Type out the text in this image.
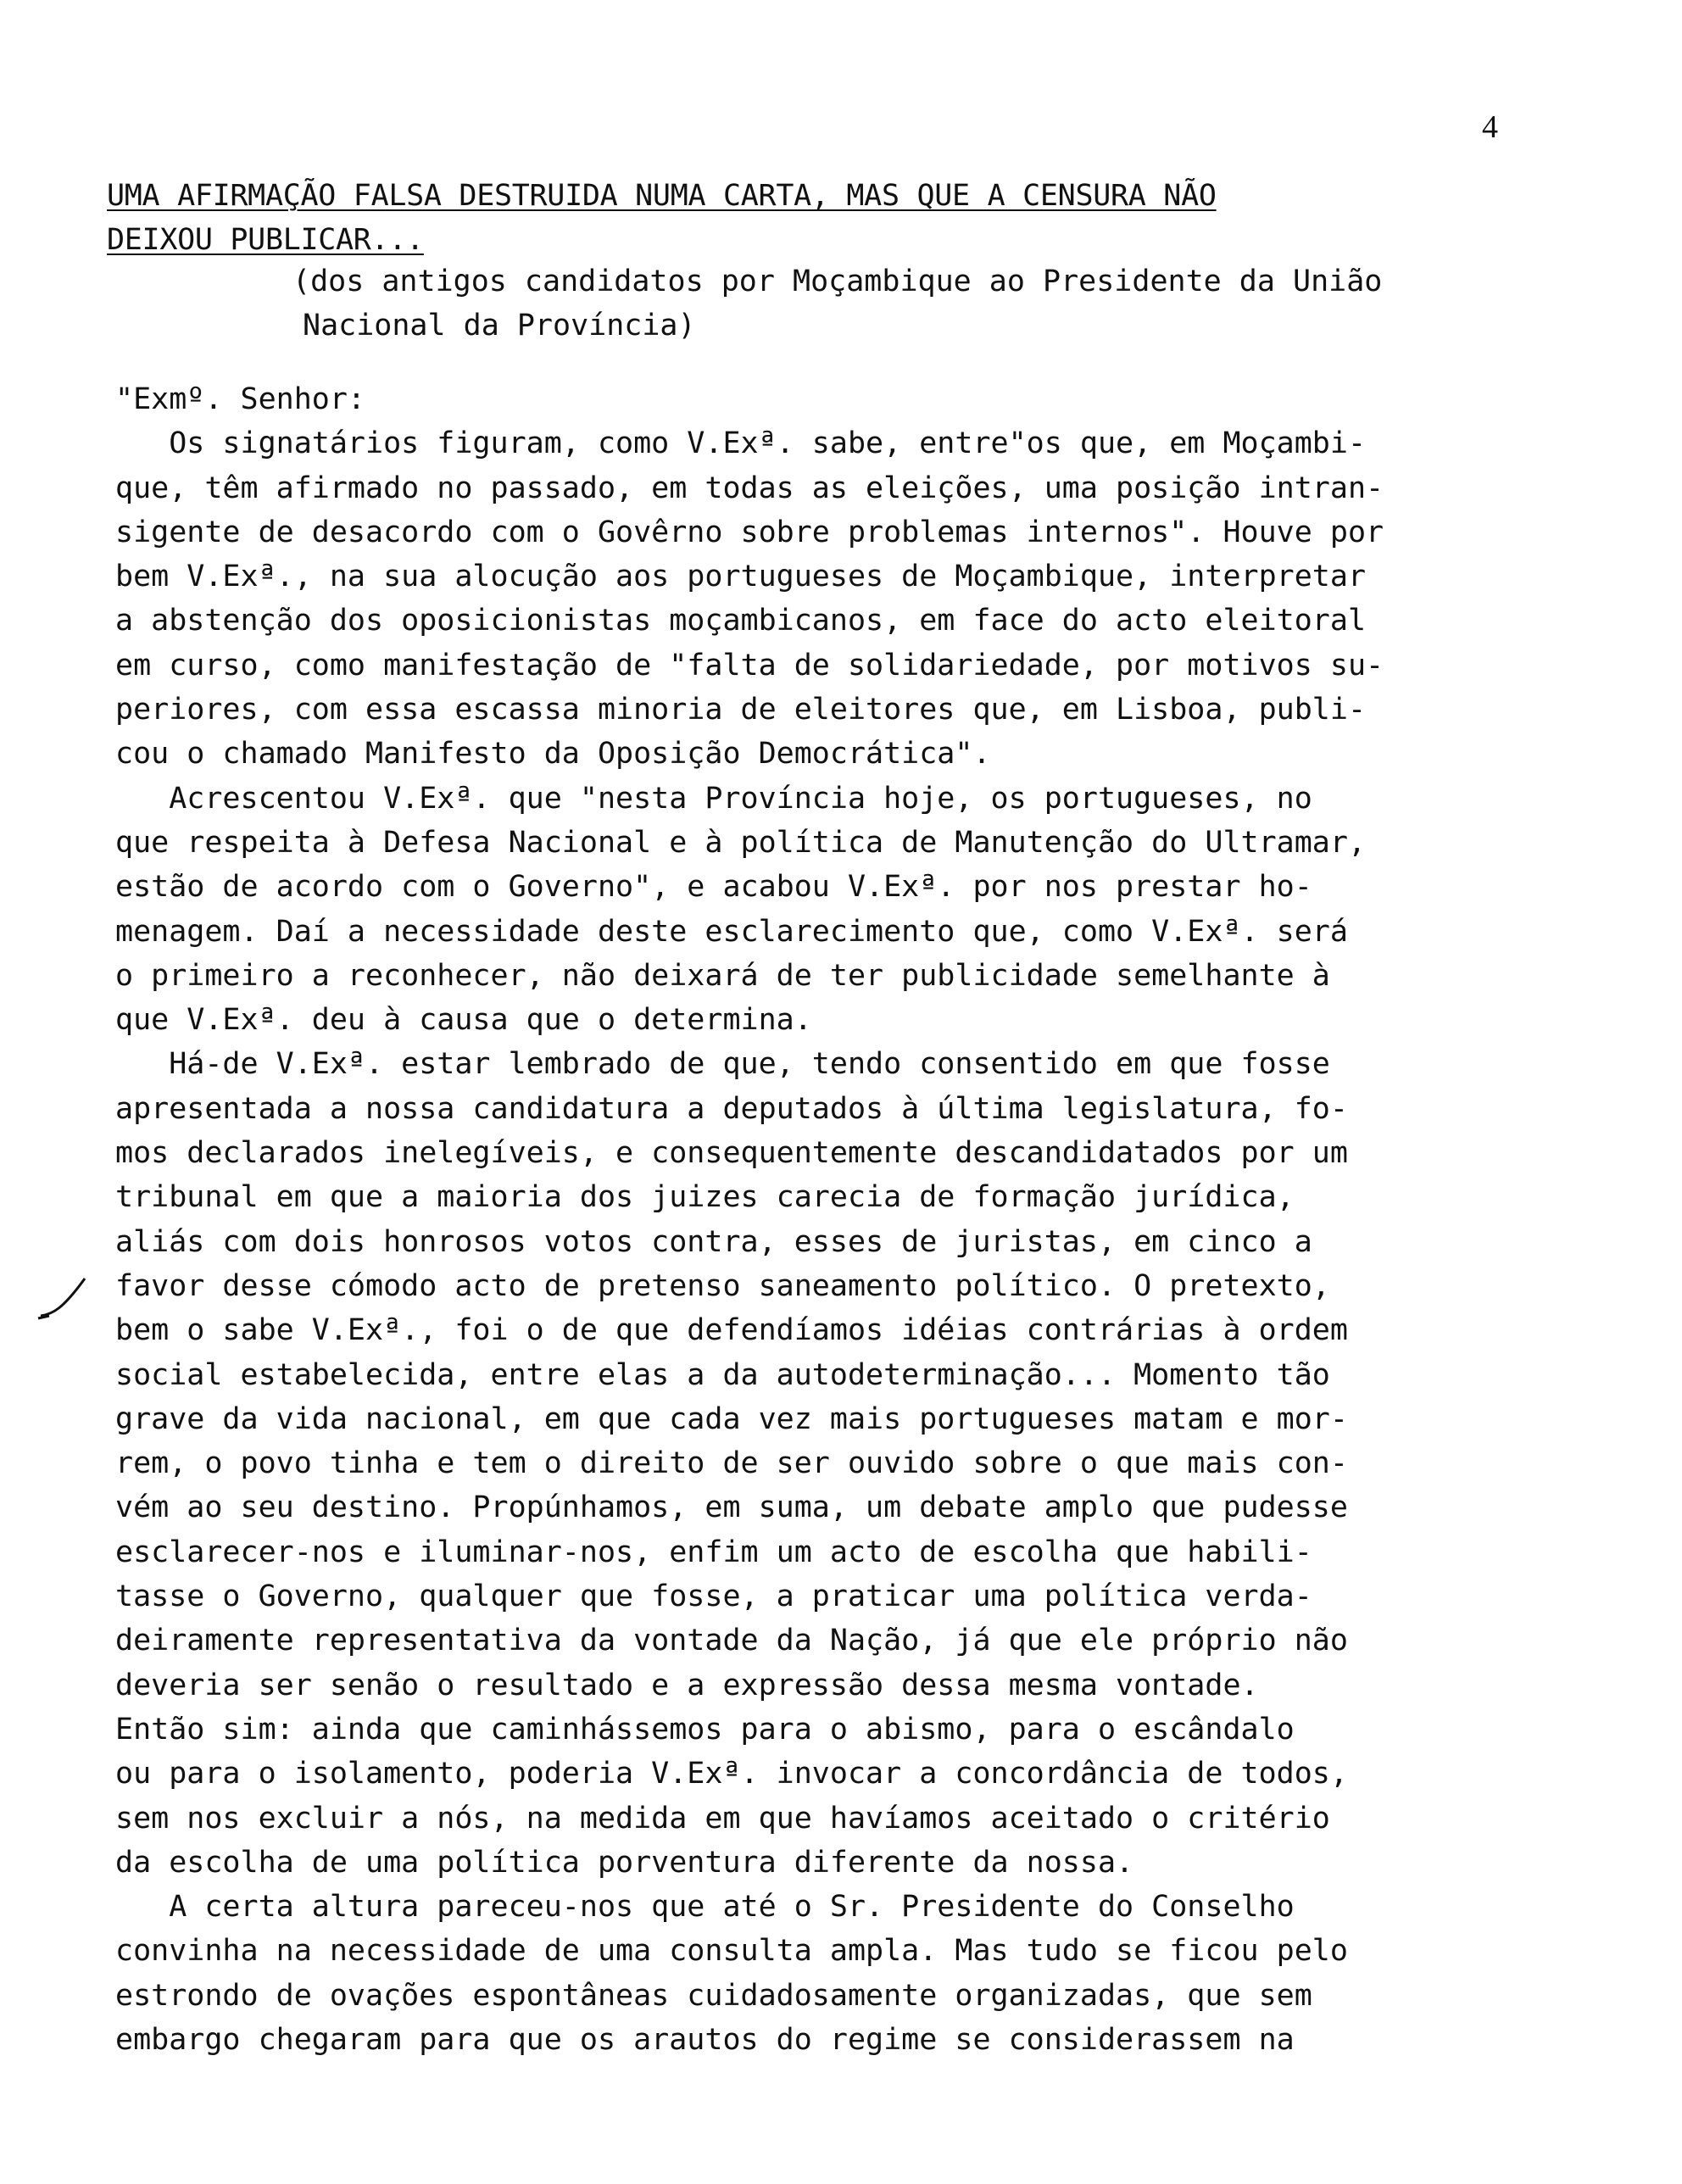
4
UMA AFIRMAÇÃO FALSA DESTRUIDA NUMA CARTA, MAS QUE A CENSURA NÃO
DEIXOU PUBLICAR...
(dos antigos candidatos por Moçambique ao Presidente da União
Nacional da Província)
"Exmº. Senhor:
Os signatários figuram, como V.Exª. sabe, entre"os que, em Moçambi-
que, têm afirmado no passado, em todas as eleições, uma posição intran-
sigente de desacordo com o Govêrno sobre problemas internos". Houve por
bem V.Exª., na sua alocução aos portugueses de Moçambique, interpretar
a abstenção dos oposicionistas moçambicanos, em face do acto eleitoral
em curso, como manifestação de "falta de solidariedade, por motivos su-
periores, com essa escassa minoria de eleitores que, em Lisboa, publi-
cou o chamado Manifesto da Oposição Democrática".
Acrescentou V.Exª. que "nesta Província hoje, os portugueses, no
que respeita à Defesa Nacional e à política de Manutenção do Ultramar,
estão de acordo com o Governo", e acabou V.Exª. por nos prestar ho-
menagem. Daí a necessidade deste esclarecimento que, como V.Exª. será
o primeiro a reconhecer, não deixará de ter publicidade semelhante à
que V.Exª. deu à causa que o determina.
Há-de V.Exª. estar lembrado de que, tendo consentido em que fosse
apresentada a nossa candidatura a deputados à última legislatura, fo-
mos declarados inelegíveis, e consequentemente descandidatados por um
tribunal em que a maioria dos juizes carecia de formação jurídica,
aliás com dois honrosos votos contra, esses de juristas, em cinco a
favor desse cómodo acto de pretenso saneamento político. O pretexto,
bem o sabe V.Exª., foi o de que defendíamos idéias contrárias à ordem
social estabelecida, entre elas a da autodeterminação... Momento tão
grave da vida nacional, em que cada vez mais portugueses matam e mor-
rem, o povo tinha e tem o direito de ser ouvido sobre o que mais con-
vém ao seu destino. Propúnhamos, em suma, um debate amplo que pudesse
esclarecer-nos e iluminar-nos, enfim um acto de escolha que habili-
tasse o Governo, qualquer que fosse, a praticar uma política verda-
deiramente representativa da vontade da Nação, já que ele próprio não
deveria ser senão o resultado e a expressão dessa mesma vontade.
Então sim: ainda que caminhássemos para o abismo, para o escândalo
ou para o isolamento, poderia V.Exª. invocar a concordância de todos,
sem nos excluir a nós, na medida em que havíamos aceitado o critério
da escolha de uma política porventura diferente da nossa.
A certa altura pareceu-nos que até o Sr. Presidente do Conselho
convinha na necessidade de uma consulta ampla. Mas tudo se ficou pelo
estrondo de ovações espontâneas cuidadosamente organizadas, que sem
embargo chegaram para que os arautos do regime se considerassem na
